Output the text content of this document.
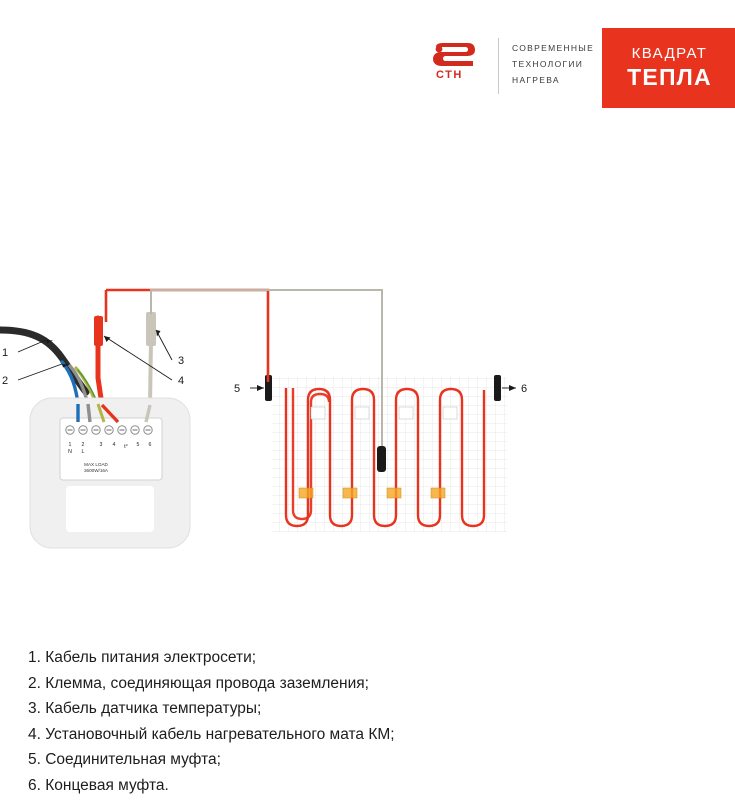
СТН
СОВРЕМЕННЫЕ
ТЕХНОЛОГИИ
НАГРЕВА
КВАДРАТ
ТЕПЛА
1 2	3 4	5 6
N L
t°
MAX LOAD
3600W/16A
1
2
3
4
5	6
1. Кабель питания электросети;
2. Клемма, соединяющая провода заземления;
3. Кабель датчика температуры;
4. Установочный кабель нагревательного мата КМ;
5. Соединительная муфта;
6. Концевая муфта.
